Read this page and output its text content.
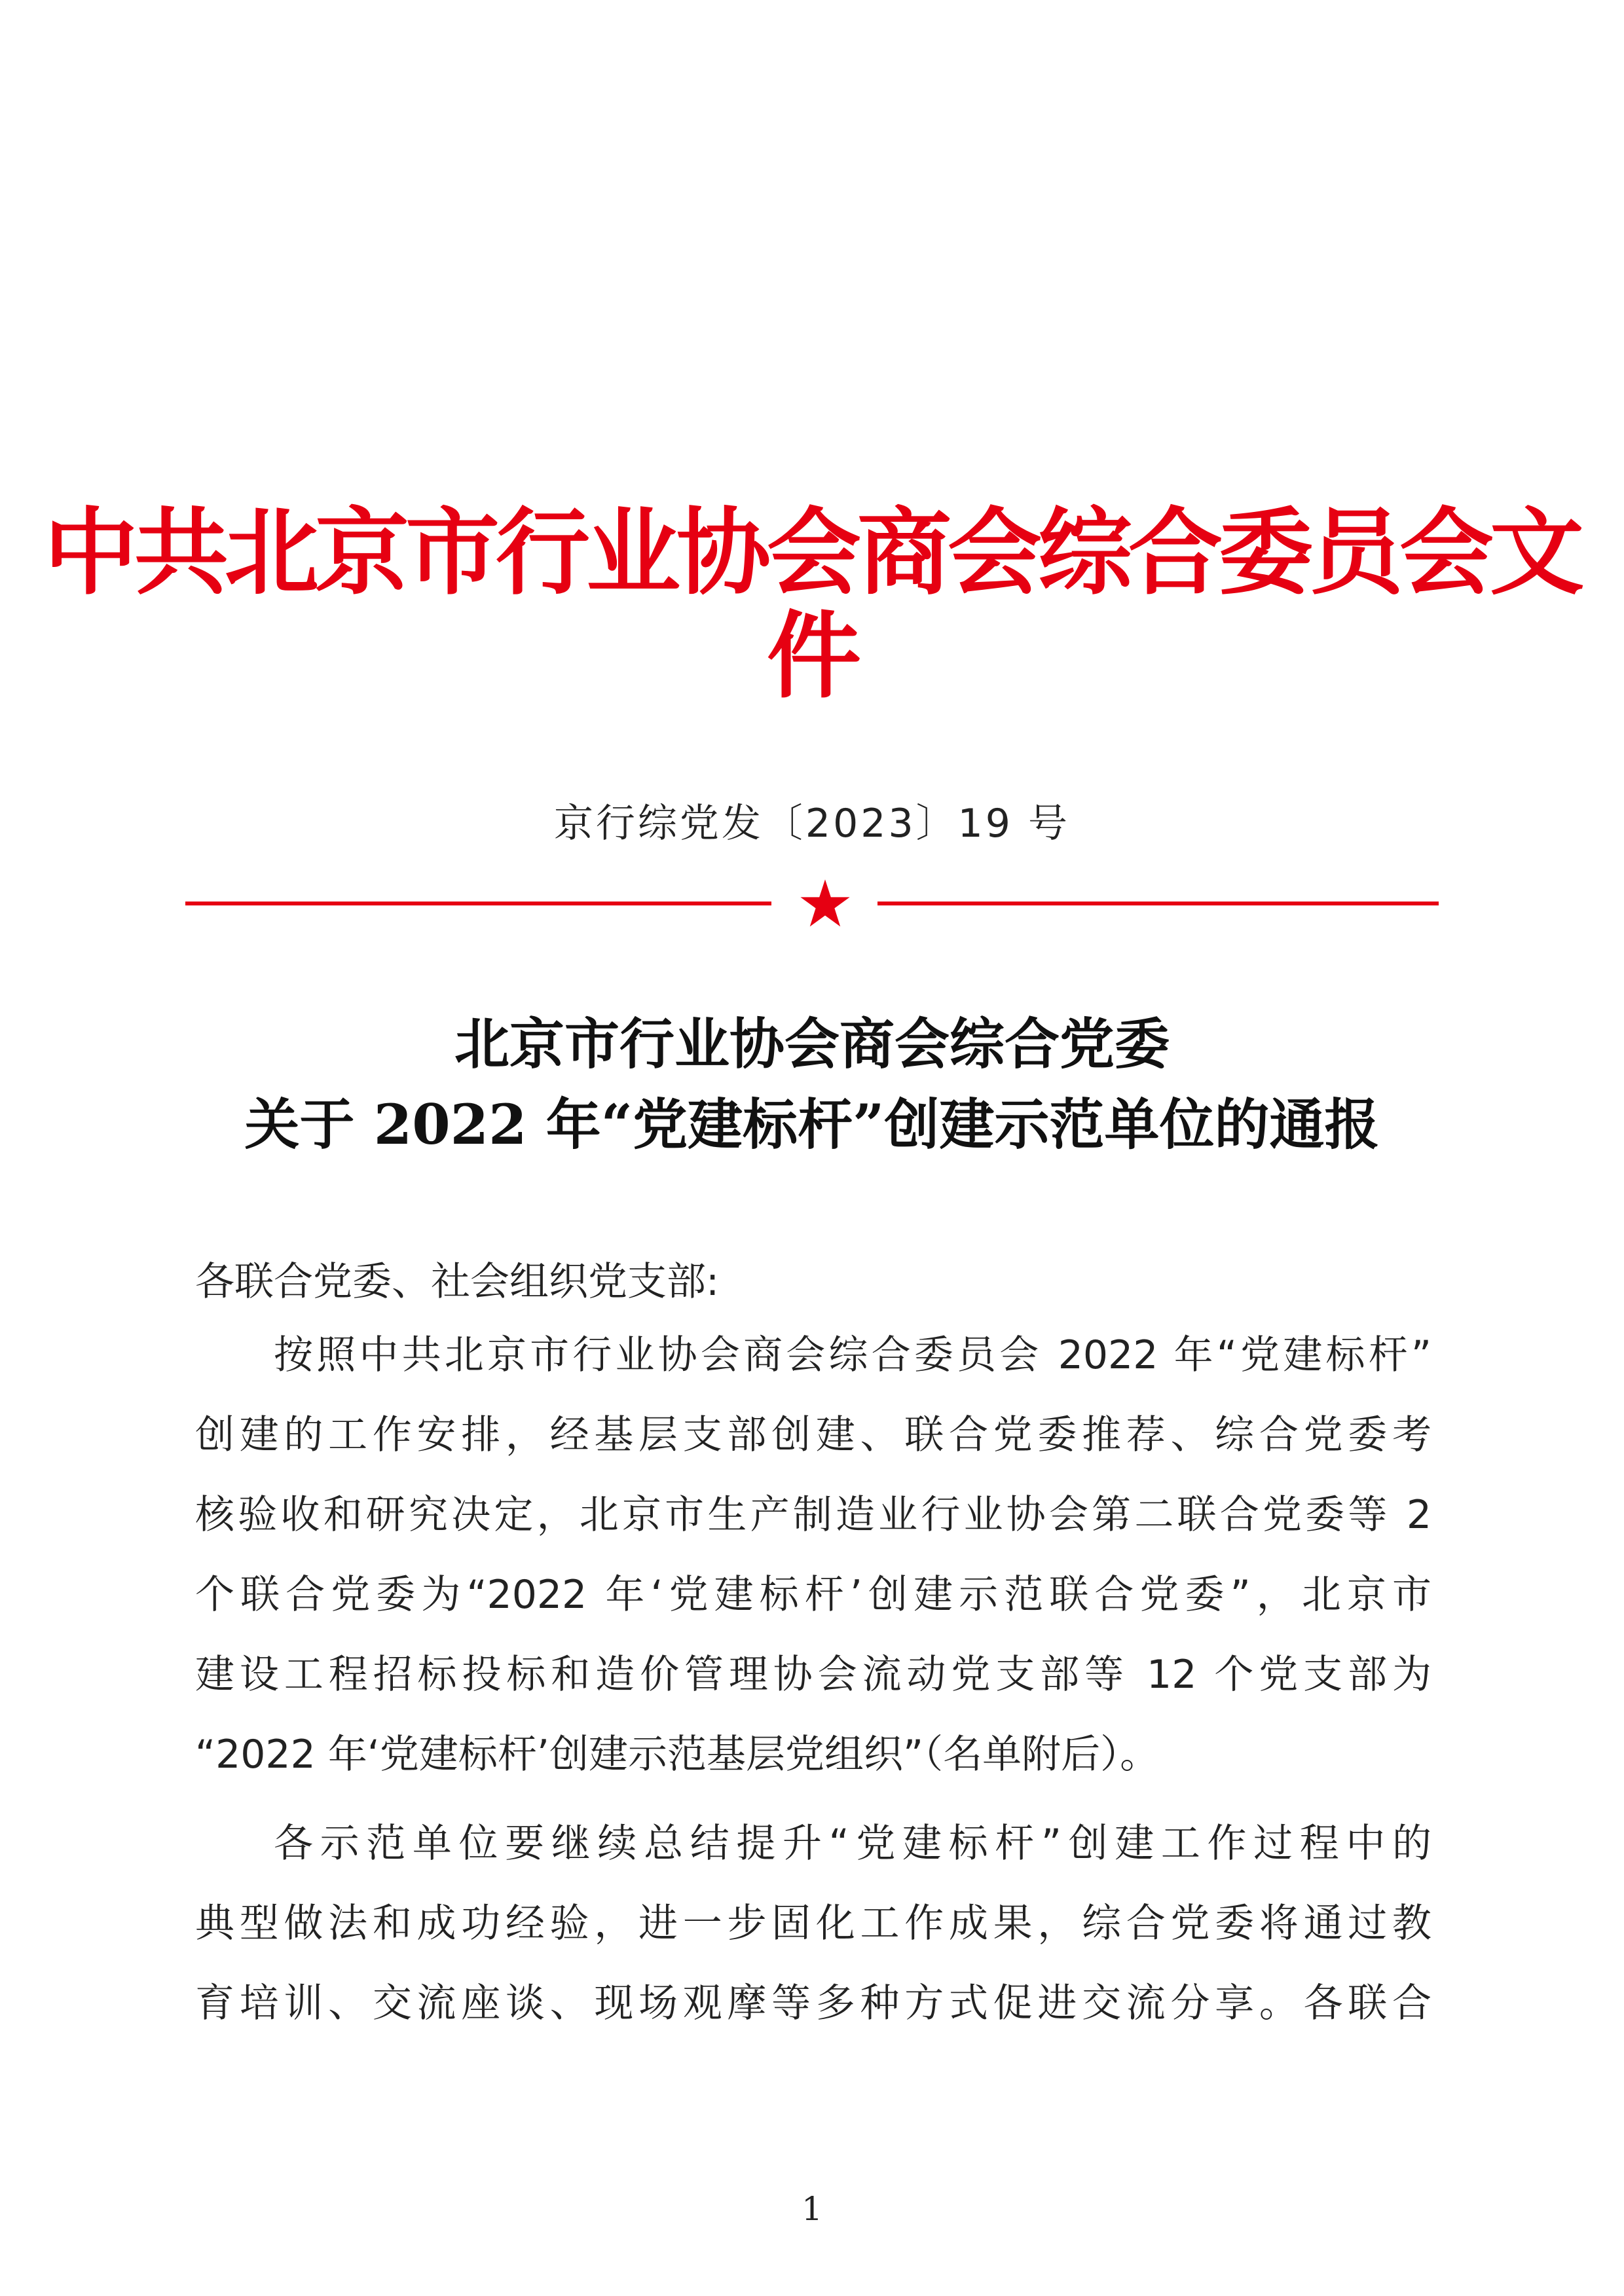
中共北京市行业协会商会综合委员会文件
京行综党发〔2023〕19 号
北京市行业协会商会综合党委
关于 2022 年“党建标杆”创建示范单位的通报
各联合党委、社会组织党支部:
按照中共北京市行业协会商会综合委员会 2022 年“党建标杆”
创建的工作安排，经基层支部创建、联合党委推荐、综合党委考
核验收和研究决定，北京市生产制造业行业协会第二联合党委等 2
个联合党委为“2022 年‘党建标杆’创建示范联合党委”，北京市
建设工程招标投标和造价管理协会流动党支部等 12 个党支部为
“2022 年‘党建标杆’创建示范基层党组织”（名单附后）。
各示范单位要继续总结提升“党建标杆”创建工作过程中的
典型做法和成功经验，进一步固化工作成果，综合党委将通过教
育培训、交流座谈、现场观摩等多种方式促进交流分享。各联合
1
